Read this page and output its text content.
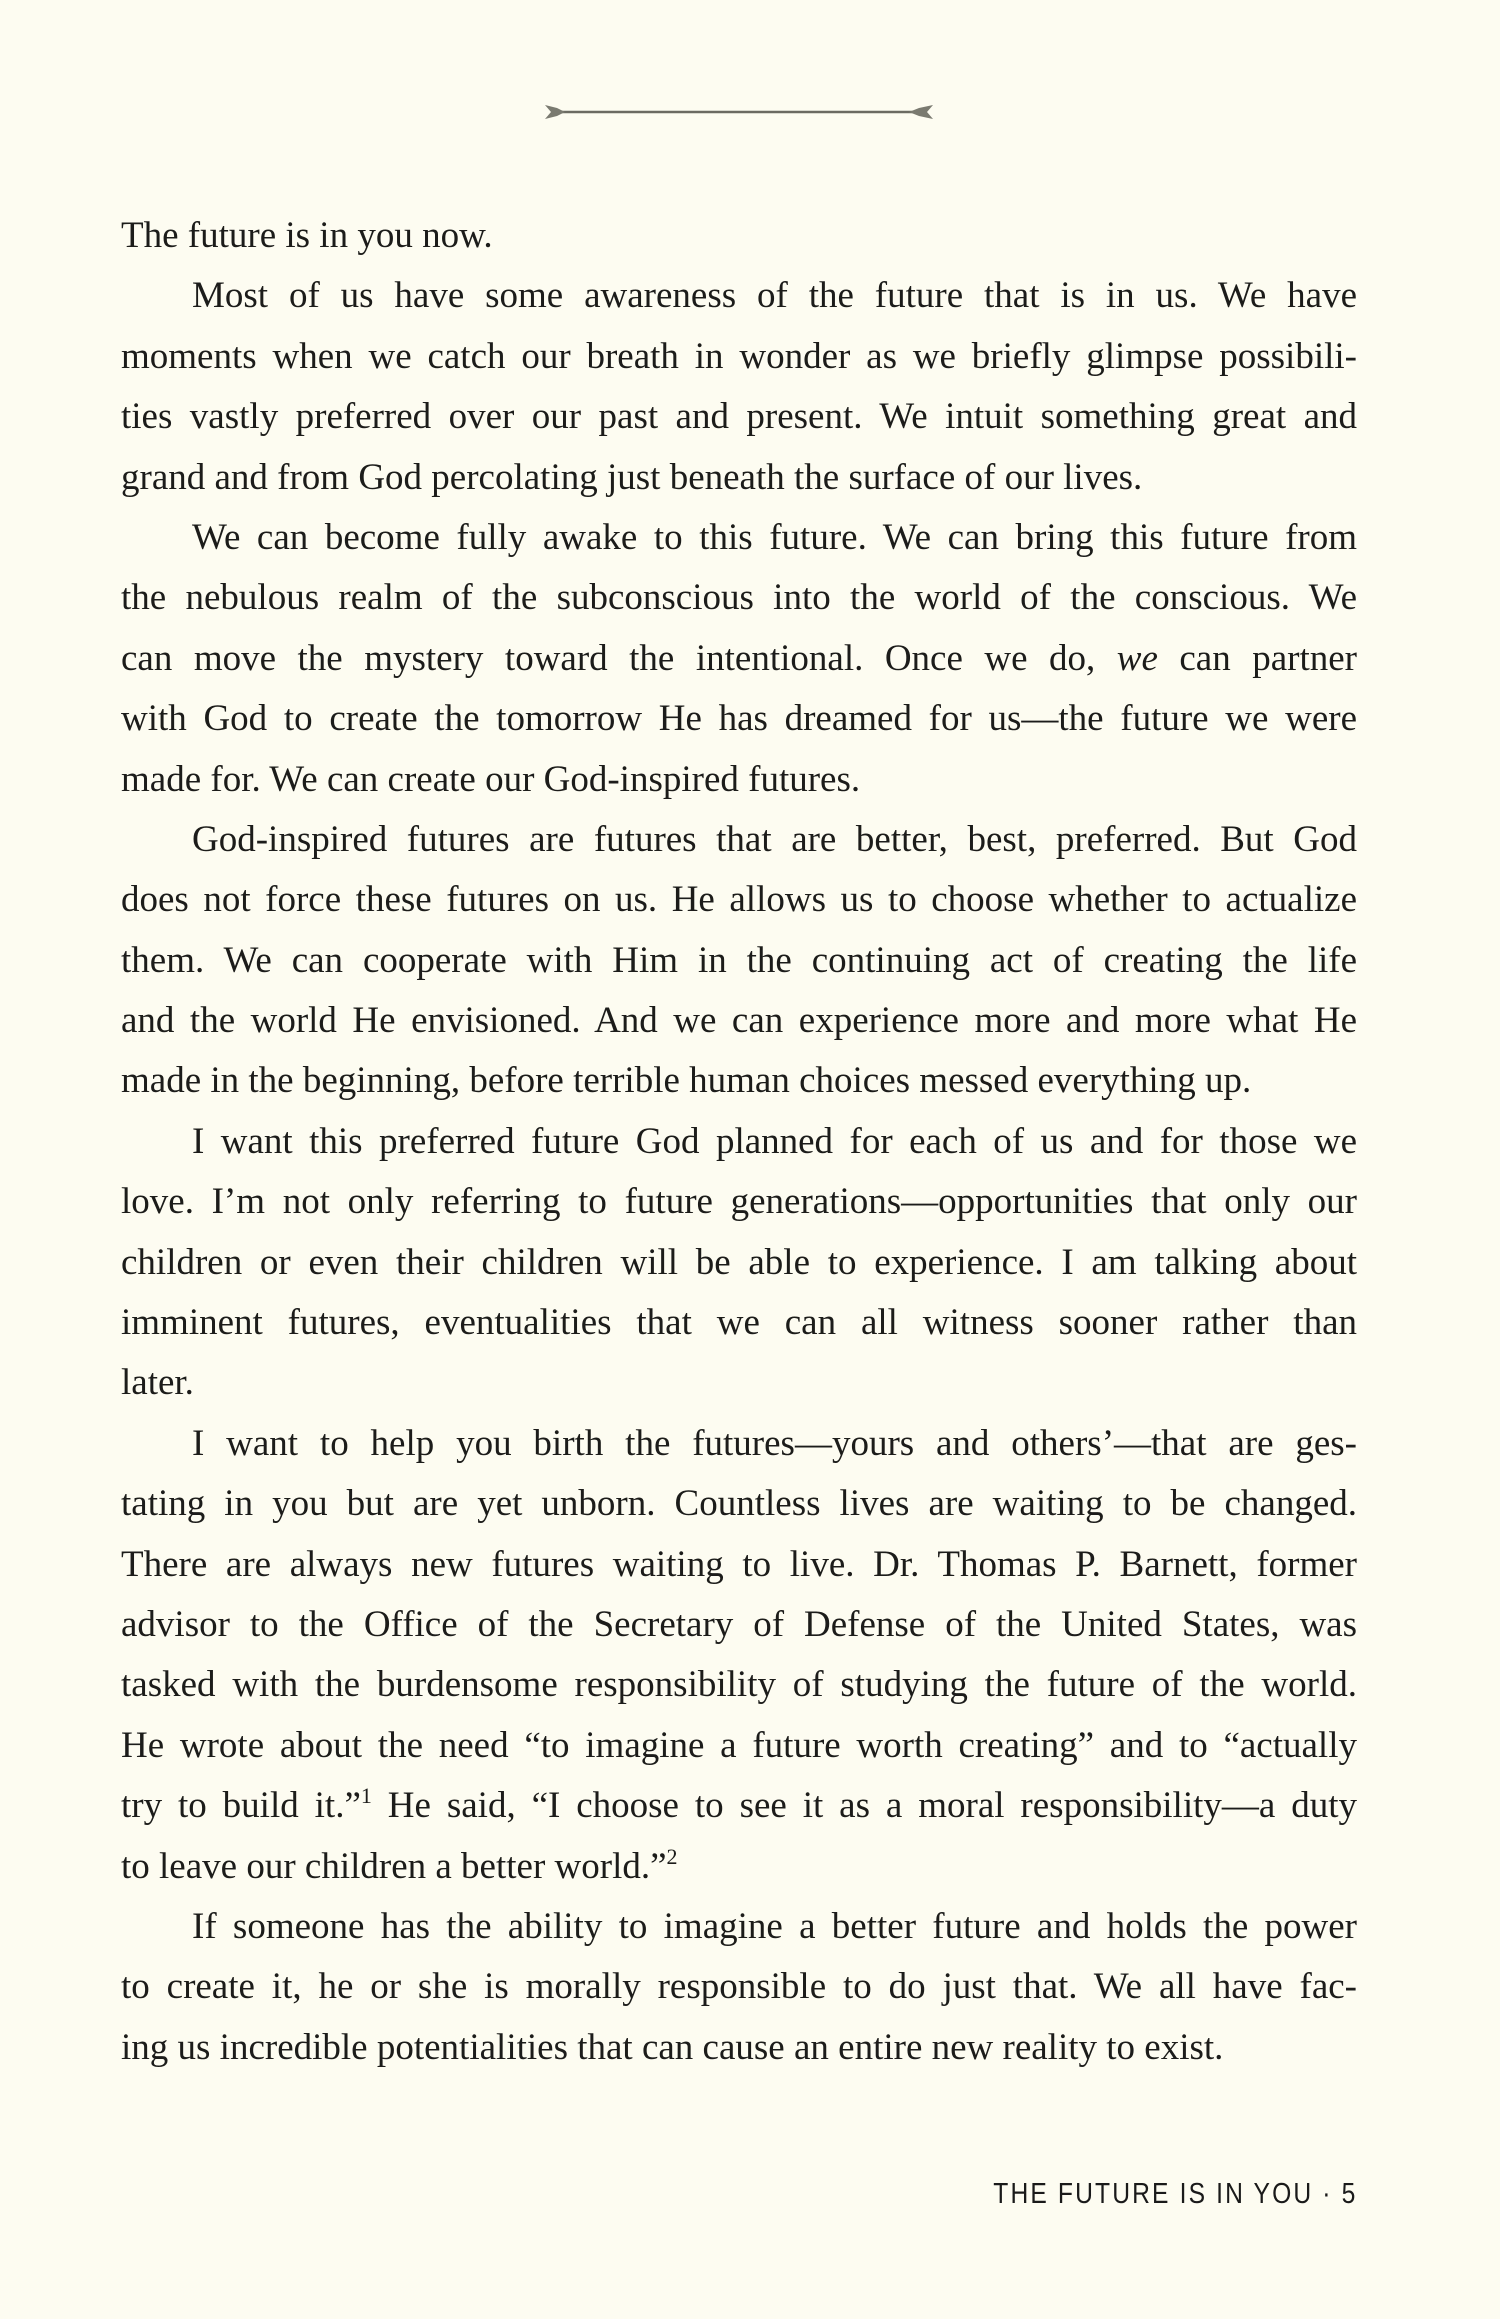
The future is in you now.
Most of us have some awareness of the future that is in us. We have
moments when we catch our breath in wonder as we briefly glimpse possibili-
ties vastly preferred over our past and present. We intuit something great and
grand and from God percolating just beneath the surface of our lives.
We can become fully awake to this future. We can bring this future from
the nebulous realm of the subconscious into the world of the conscious. We
can move the mystery toward the intentional. Once we do, we can partner
with God to create the tomorrow He has dreamed for us—the future we were
made for. We can create our God-inspired futures.
God-inspired futures are futures that are better, best, preferred. But God
does not force these futures on us. He allows us to choose whether to actualize
them. We can cooperate with Him in the continuing act of creating the life
and the world He envisioned. And we can experience more and more what He
made in the beginning, before terrible human choices messed everything up.
I want this preferred future God planned for each of us and for those we
love. I’m not only referring to future generations—opportunities that only our
children or even their children will be able to experience. I am talking about
imminent futures, eventualities that we can all witness sooner rather than
later.
I want to help you birth the futures—yours and others’—that are ges-
tating in you but are yet unborn. Countless lives are waiting to be changed.
There are always new futures waiting to live. Dr. Thomas P. Barnett, former
advisor to the Office of the Secretary of Defense of the United States, was
tasked with the burdensome responsibility of studying the future of the world.
He wrote about the need “to imagine a future worth creating” and to “actually
try to build it.”$^1$ He said, “I choose to see it as a moral responsibility—a duty
to leave our children a better world.”$^2$
If someone has the ability to imagine a better future and holds the power
to create it, he or she is morally responsible to do just that. We all have fac-
ing us incredible potentialities that can cause an entire new reality to exist.
THE FUTURE IS IN YOU · 5
